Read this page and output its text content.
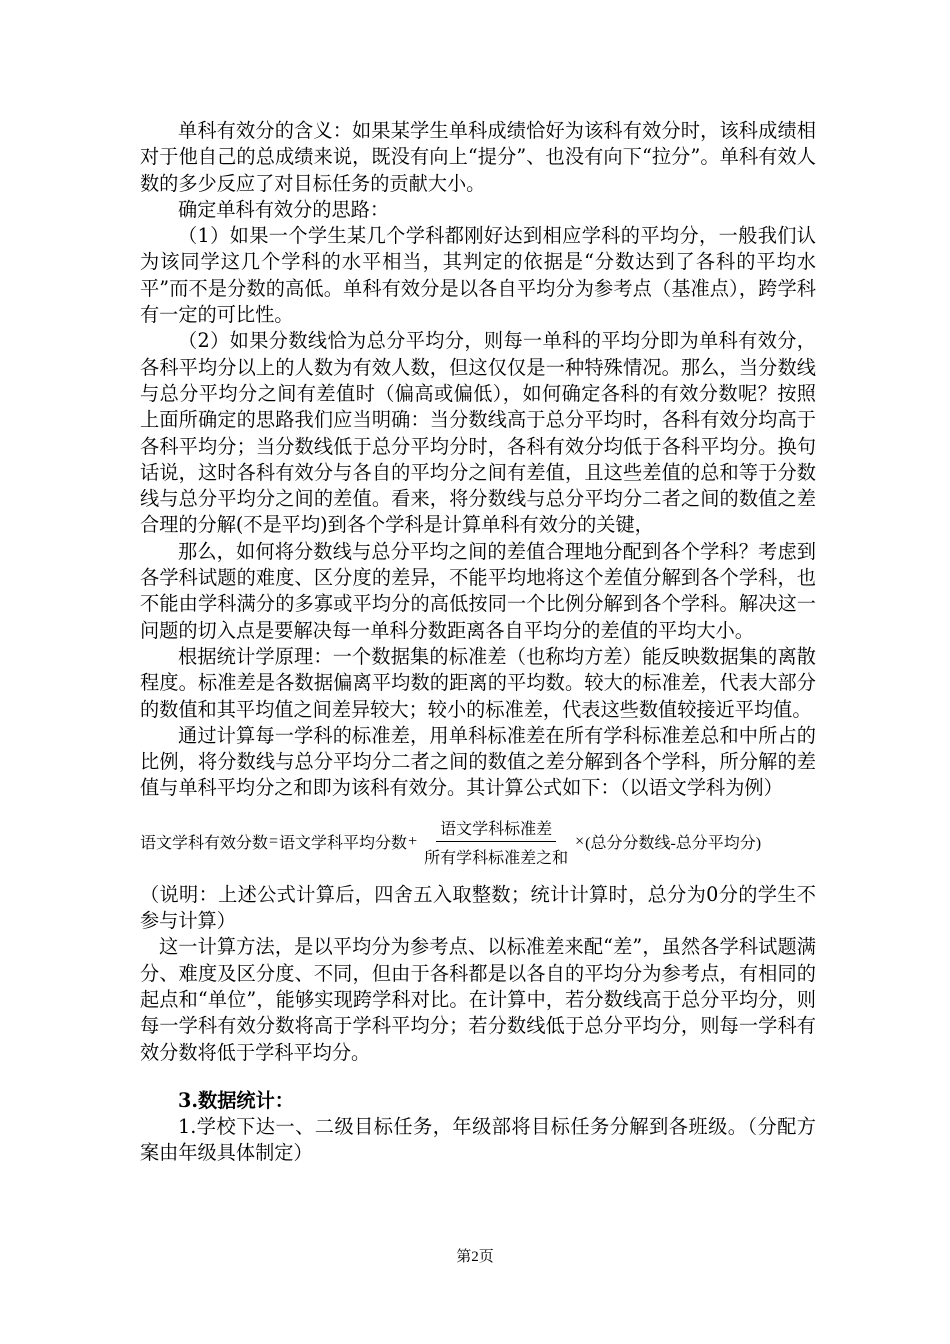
单科有效分的含义：如果某学生单科成绩恰好为该科有效分时，该科成绩相对于他自己的总成绩来说，既没有向上“提分”、也没有向下“拉分”。单科有效人数的多少反应了对目标任务的贡献大小。

确定单科有效分的思路：

（1）如果一个学生某几个学科都刚好达到相应学科的平均分，一般我们认为该同学这几个学科的水平相当，其判定的依据是“分数达到了各科的平均水平”而不是分数的高低。单科有效分是以各自平均分为参考点（基准点），跨学科有一定的可比性。

（2）如果分数线恰为总分平均分，则每一单科的平均分即为单科有效分，各科平均分以上的人数为有效人数，但这仅仅是一种特殊情况。那么，当分数线与总分平均分之间有差值时（偏高或偏低），如何确定各科的有效分数呢？按照上面所确定的思路我们应当明确：当分数线高于总分平均时，各科有效分均高于各科平均分；当分数线低于总分平均分时，各科有效分均低于各科平均分。换句话说，这时各科有效分与各自的平均分之间有差值，且这些差值的总和等于分数线与总分平均分之间的差值。看来，将分数线与总分平均分二者之间的数值之差合理的分解(不是平均)到各个学科是计算单科有效分的关键，

那么，如何将分数线与总分平均之间的差值合理地分配到各个学科？考虑到各学科试题的难度、区分度的差异，不能平均地将这个差值分解到各个学科，也不能由学科满分的多寡或平均分的高低按同一个比例分解到各个学科。解决这一问题的切入点是要解决每一单科分数距离各自平均分的差值的平均大小。

根据统计学原理：一个数据集的标准差（也称均方差）能反映数据集的离散程度。标准差是各数据偏离平均数的距离的平均数。较大的标准差，代表大部分的数值和其平均值之间差异较大；较小的标准差，代表这些数值较接近平均值。

通过计算每一学科的标准差，用单科标准差在所有学科标准差总和中所占的比例，将分数线与总分平均分二者之间的数值之差分解到各个学科，所分解的差值与单科平均分之和即为该科有效分。其计算公式如下：（以语文学科为例）

语文学科有效分数 = 语文学科平均分数 + $\frac{\text{语文学科标准差}}{\text{所有学科标准差之和}}$ × (总分分数线-总分平均分)

（说明：上述公式计算后，四舍五入取整数；统计计算时，总分为0分的学生不参与计算）

这一计算方法，是以平均分为参考点、以标准差来配“差”，虽然各学科试题满分、难度及区分度、不同，但由于各科都是以各自的平均分为参考点，有相同的起点和“单位”，能够实现跨学科对比。在计算中，若分数线高于总分平均分，则每一学科有效分数将高于学科平均分；若分数线低于总分平均分，则每一学科有效分数将低于学科平均分。

3.数据统计：

1.学校下达一、二级目标任务，年级部将目标任务分解到各班级。（分配方案由年级具体制定）

第2页
